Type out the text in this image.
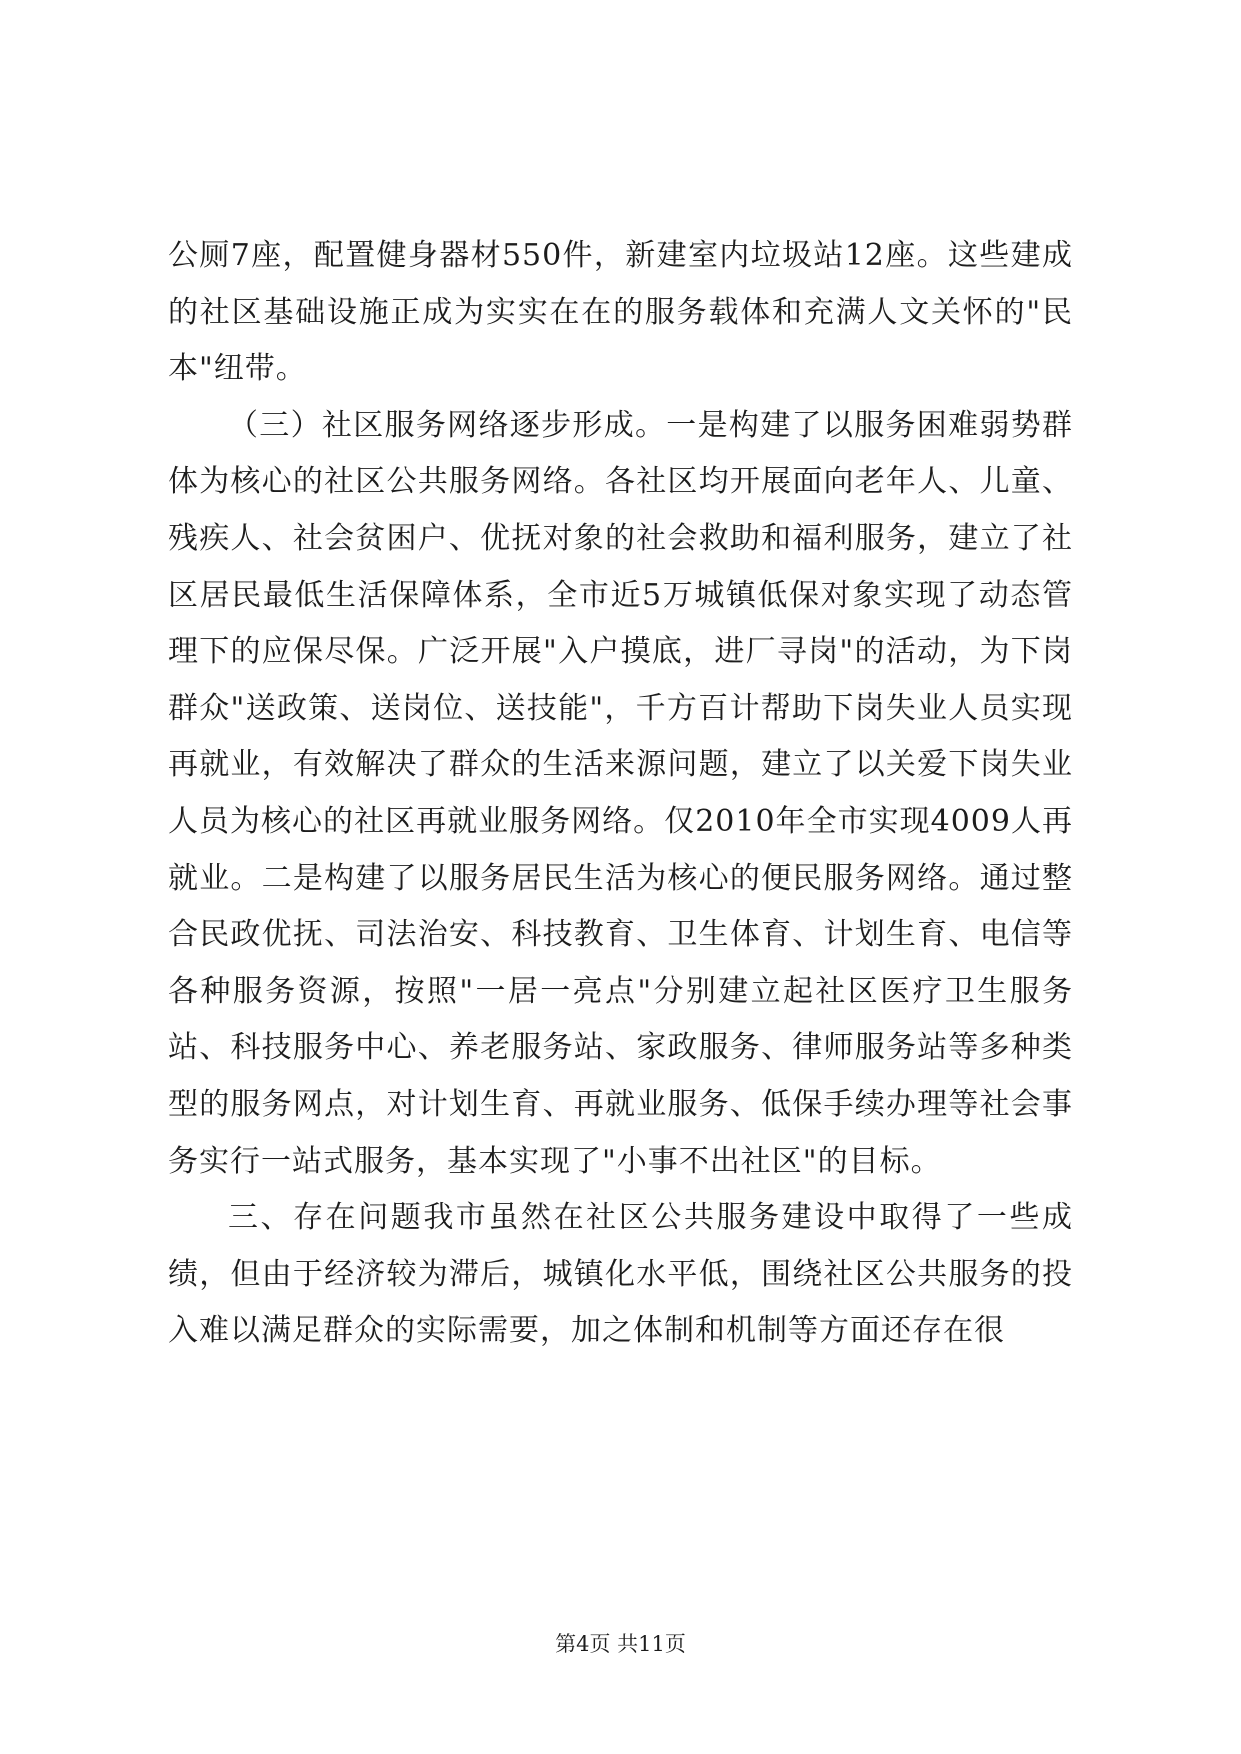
公厕7座，配置健身器材550件，新建室内垃圾站12座。这些建成的社区基础设施正成为实实在在的服务载体和充满人文关怀的"民本"纽带。

（三）社区服务网络逐步形成。一是构建了以服务困难弱势群体为核心的社区公共服务网络。各社区均开展面向老年人、儿童、残疾人、社会贫困户、优抚对象的社会救助和福利服务，建立了社区居民最低生活保障体系，全市近5万城镇低保对象实现了动态管理下的应保尽保。广泛开展"入户摸底，进厂寻岗"的活动，为下岗群众"送政策、送岗位、送技能"，千方百计帮助下岗失业人员实现再就业，有效解决了群众的生活来源问题，建立了以关爱下岗失业人员为核心的社区再就业服务网络。仅2010年全市实现4009人再就业。二是构建了以服务居民生活为核心的便民服务网络。通过整合民政优抚、司法治安、科技教育、卫生体育、计划生育、电信等各种服务资源，按照"一居一亮点"分别建立起社区医疗卫生服务站、科技服务中心、养老服务站、家政服务、律师服务站等多种类型的服务网点，对计划生育、再就业服务、低保手续办理等社会事务实行一站式服务，基本实现了"小事不出社区"的目标。

三、存在问题我市虽然在社区公共服务建设中取得了一些成绩，但由于经济较为滞后，城镇化水平低，围绕社区公共服务的投入难以满足群众的实际需要，加之体制和机制等方面还存在很

第4页 共11页
